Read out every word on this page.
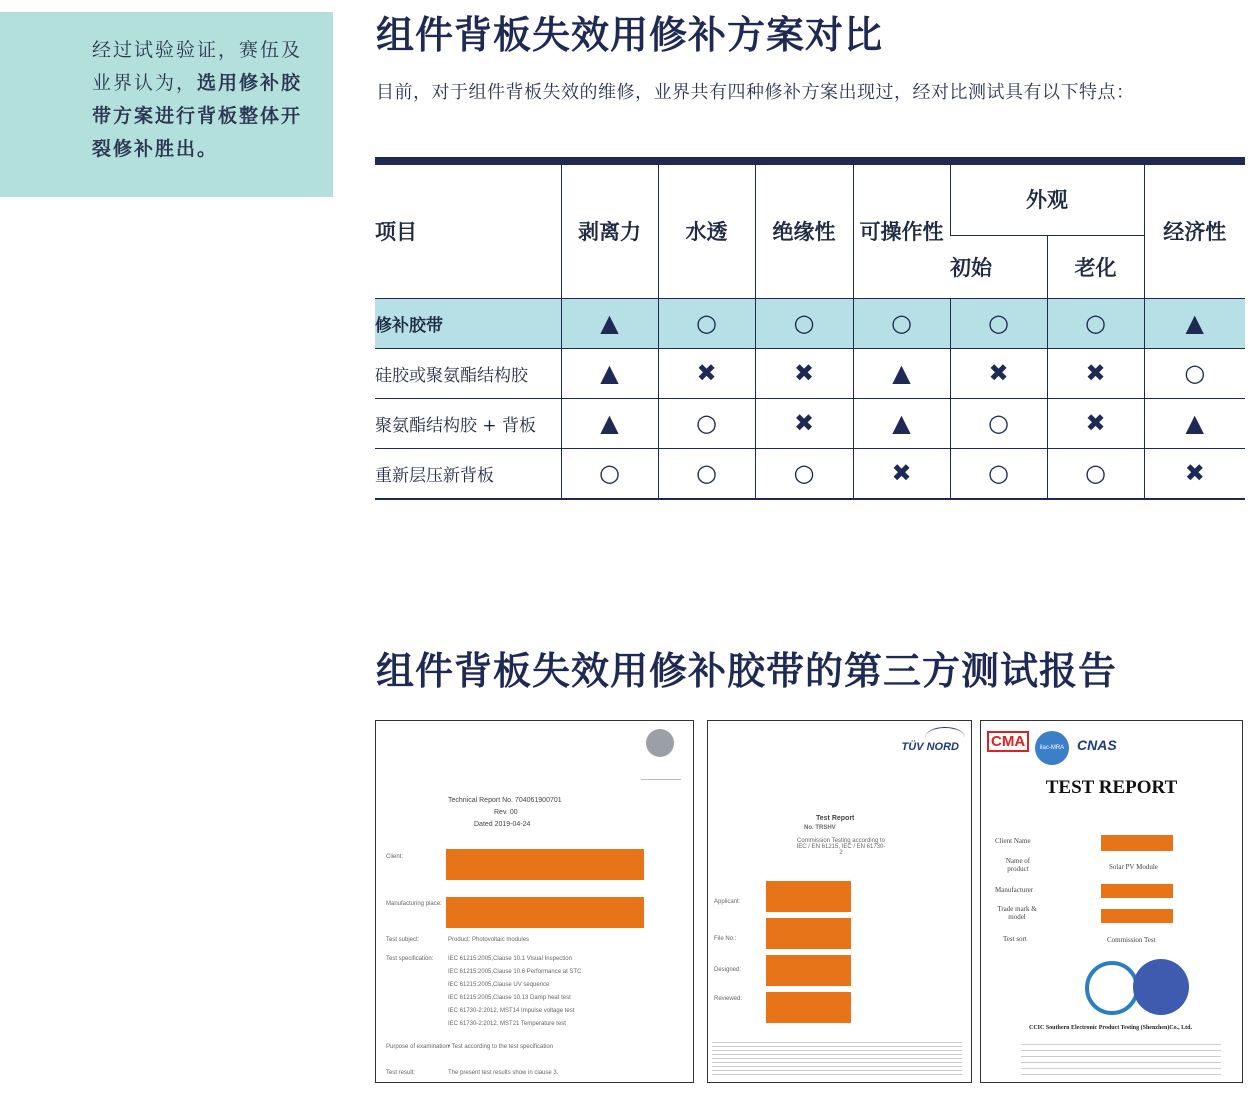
经过试验验证，赛伍及业界认为，选用修补胶带方案进行背板整体开裂修补胜出。

组件背板失效用修补方案对比
目前，对于组件背板失效的维修，业界共有四种修补方案出现过，经对比测试具有以下特点：
项目	剥离力	水透	绝缘性	可操作性	外观		经济性
					初始	老化	
修补胶带	▲	○	○	○	○	○	▲
硅胶或聚氨酯结构胶	▲	✖	✖	▲	✖	✖	○
聚氨酯结构胶 + 背板	▲	○	✖	▲	○	✖	▲
重新层压新背板	○	○	○	✖	○	○	✖
组件背板失效用修补胶带的第三方测试报告
Technical Report No. 704061900701
Rev. 00
Dated 2019-04-24
Client:
Manufacturing place:
Test subject:	Product: Photovoltaic modules
Test specification: IEC 61215:2005,Clause 10.1 Visual Inspection
IEC 61215:2005,Clause 10.6 Performance at STC
IEC 61215:2005,Clause UV sequence
IEC 61215:2005,Clause 10.13 Damp heat test
IEC 61730-2:2012, MST14 Impulse voltage test
IEC 61730-2:2012, MST21 Temperature test
Purpose of examination:
• Test according to the test specification
Test result:	The present test results show in clause 3.
TÜV NORD
Test Report
No. TRSHV
Commission Testing according to IEC / EN 61215, IEC / EN 61730-2
Applicant:
File No.:
Designed:
Reviewed:
CMA	ilac-MRA CNAS
TEST REPORT
Client Name
Name of product	Solar PV Module
Manufacturer
Trade mark & model
Test sort	Commission Test
CCIC Southern Electronic Product Testing (Shenzhen)Co., Ltd.
